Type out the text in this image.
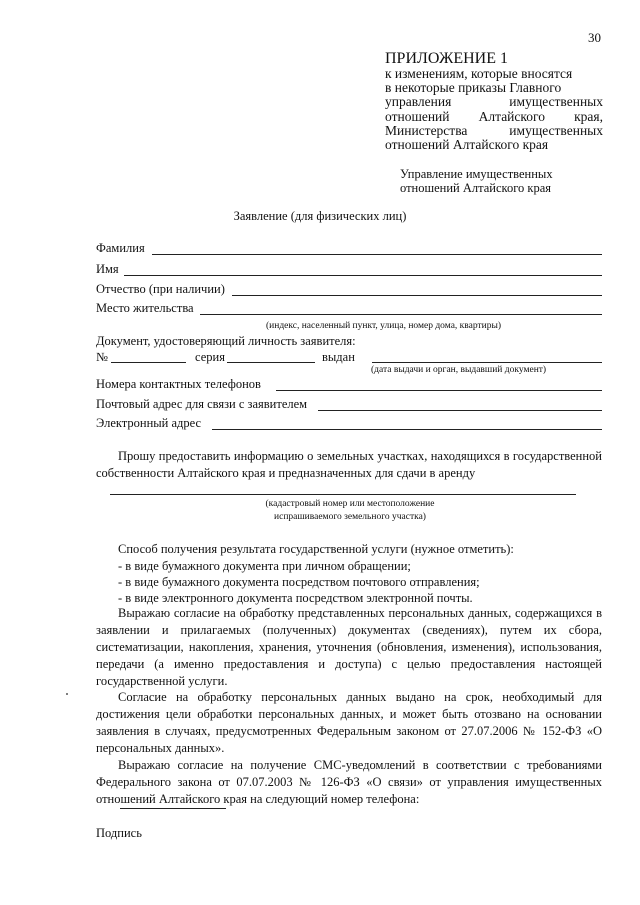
30
ПРИЛОЖЕНИЕ 1
к изменениям, которые вносятся
в некоторые приказы Главного
управления имущественных
отношений Алтайского края,
Министерства имущественных
отношений Алтайского края
Управление имущественных
отношений Алтайского края
Заявление (для физических лиц)
Фамилия
Имя
Отчество (при наличии)
Место жительства
(индекс, населенный пункт, улица, номер дома, квартиры)
Документ, удостоверяющий личность заявителя:
№	серия	выдан
(дата выдачи и орган, выдавший документ)
Номера контактных телефонов
Почтовый адрес для связи с заявителем
Электронный адрес
Прошу предоставить информацию о земельных участках, находящихся в государственной собственности Алтайского края и предназначенных для сдачи в аренду
(кадастровый номер или местоположение
испрашиваемого земельного участка)
Способ получения результата государственной услуги (нужное отметить):
- в виде бумажного документа при личном обращении;
- в виде бумажного документа посредством почтового отправления;
- в виде электронного документа посредством электронной почты.
Выражаю согласие на обработку представленных персональных данных, содержащихся в заявлении и прилагаемых (полученных) документах (сведениях), путем их сбора, систематизации, накопления, хранения, уточнения (обновления, изменения), использования, передачи (а именно предоставления и доступа) с целью предоставления настоящей государственной услуги.
Согласие на обработку персональных данных выдано на срок, необходимый для достижения цели обработки персональных данных, и может быть отозвано на основании заявления в случаях, предусмотренных Федеральным законом от 27.07.2006 № 152-ФЗ «О персональных данных».
Выражаю согласие на получение СМС-уведомлений в соответствии с требованиями Федерального закона от 07.07.2003 № 126-ФЗ «О связи» от управления имущественных отношений Алтайского края на следующий номер телефона:
Подпись
